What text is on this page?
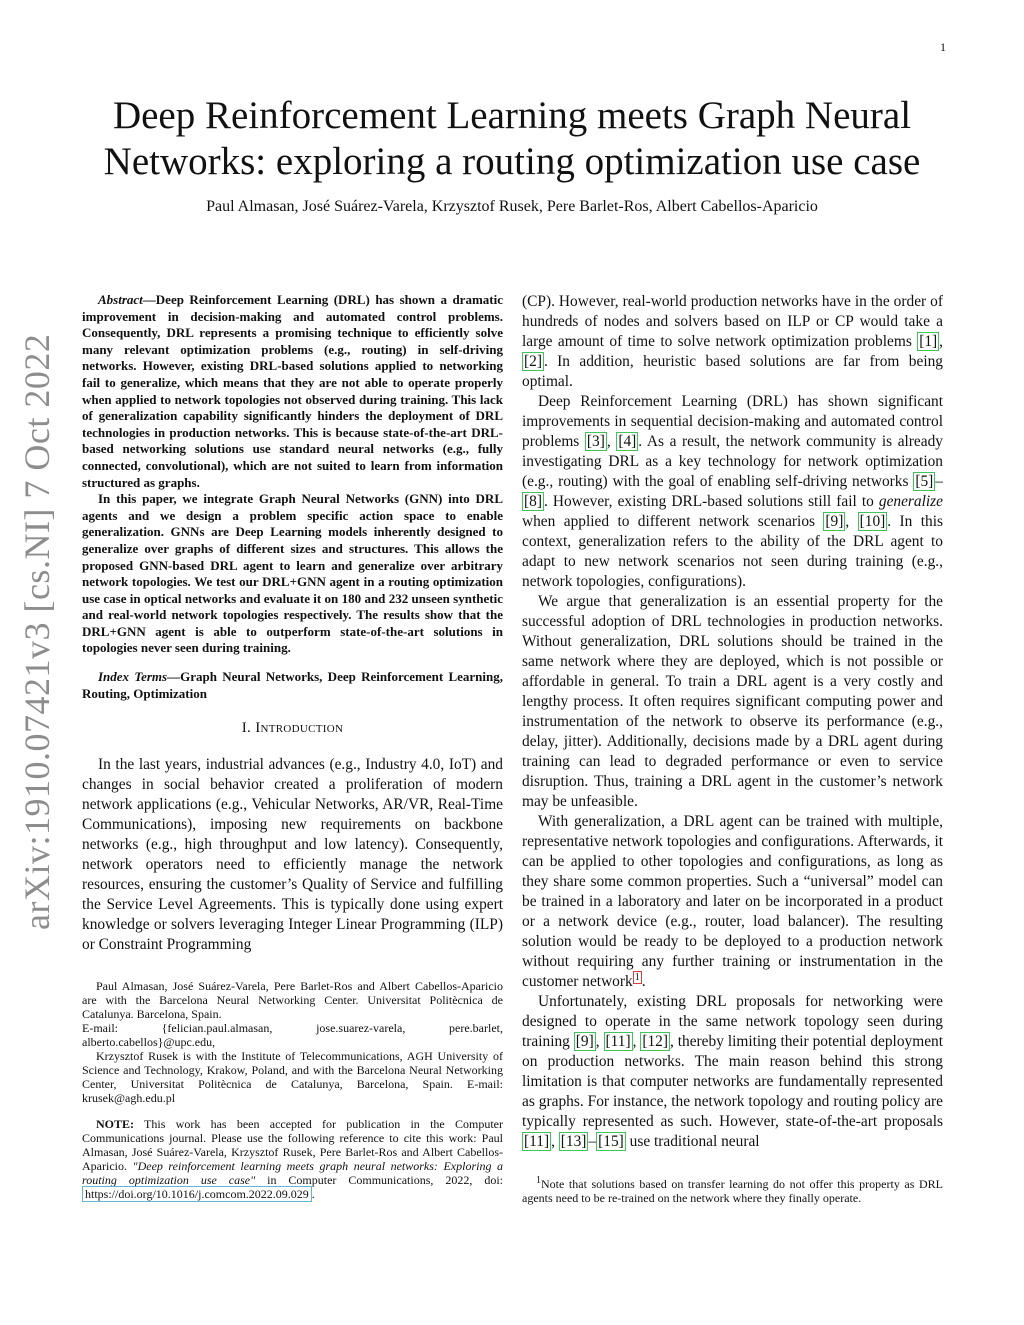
1
arXiv:1910.07421v3 [cs.NI] 7 Oct 2022
Deep Reinforcement Learning meets Graph Neural
Networks: exploring a routing optimization use case
Paul Almasan, José Suárez-Varela, Krzysztof Rusek, Pere Barlet-Ros, Albert Cabellos-Aparicio

Abstract—Deep Reinforcement Learning (DRL) has shown a dramatic improvement in decision-making and automated control problems. Consequently, DRL represents a promising technique to efficiently solve many relevant optimization problems (e.g., routing) in self-driving networks. However, existing DRL-based solutions applied to networking fail to generalize, which means that they are not able to operate properly when applied to network topologies not observed during training. This lack of generalization capability significantly hinders the deployment of DRL technologies in production networks. This is because state-of-the-art DRL-based networking solutions use standard neural networks (e.g., fully connected, convolutional), which are not suited to learn from information structured as graphs.

In this paper, we integrate Graph Neural Networks (GNN) into DRL agents and we design a problem specific action space to enable generalization. GNNs are Deep Learning models inherently designed to generalize over graphs of different sizes and structures. This allows the proposed GNN-based DRL agent to learn and generalize over arbitrary network topologies. We test our DRL+GNN agent in a routing optimization use case in optical networks and evaluate it on 180 and 232 unseen synthetic and real-world network topologies respectively. The results show that the DRL+GNN agent is able to outperform state-of-the-art solutions in topologies never seen during training.

Index Terms—Graph Neural Networks, Deep Reinforcement Learning, Routing, Optimization

I. Introduction

In the last years, industrial advances (e.g., Industry 4.0, IoT) and changes in social behavior created a proliferation of modern network applications (e.g., Vehicular Networks, AR/VR, Real-Time Communications), imposing new requirements on backbone networks (e.g., high throughput and low latency). Consequently, network operators need to efficiently manage the network resources, ensuring the customer’s Quality of Service and fulfilling the Service Level Agreements. This is typically done using expert knowledge or solvers leveraging Integer Linear Programming (ILP) or Constraint Programming

Paul Almasan, José Suárez-Varela, Pere Barlet-Ros and Albert Cabellos-Aparicio are with the Barcelona Neural Networking Center. Universitat Politècnica de Catalunya. Barcelona, Spain.

E-mail: {felician.paul.almasan, jose.suarez-varela, pere.barlet, alberto.cabellos}@upc.edu,

Krzysztof Rusek is with the Institute of Telecommunications, AGH University of Science and Technology, Krakow, Poland, and with the Barcelona Neural Networking Center, Universitat Politècnica de Catalunya, Barcelona, Spain. E-mail: krusek@agh.edu.pl

NOTE: This work has been accepted for publication in the Computer Communications journal. Please use the following reference to cite this work: Paul Almasan, José Suárez-Varela, Krzysztof Rusek, Pere Barlet-Ros and Albert Cabellos-Aparicio. "Deep reinforcement learning meets graph neural networks: Exploring a routing optimization use case" in Computer Communications, 2022, doi: https://doi.org/10.1016/j.comcom.2022.09.029 .

(CP). However, real-world production networks have in the order of hundreds of nodes and solvers based on ILP or CP would take a large amount of time to solve network optimization problems [1] , [2] . In addition, heuristic based solutions are far from being optimal.

Deep Reinforcement Learning (DRL) has shown significant improvements in sequential decision-making and automated control problems [3] , [4] . As a result, the network community is already investigating DRL as a key technology for network optimization (e.g., routing) with the goal of enabling self-driving networks [5] –[8] . However, existing DRL-based solutions still fail to generalize when applied to different network scenarios [9] , [10] . In this context, generalization refers to the ability of the DRL agent to adapt to new network scenarios not seen during training (e.g., network topologies, configurations).

We argue that generalization is an essential property for the successful adoption of DRL technologies in production networks. Without generalization, DRL solutions should be trained in the same network where they are deployed, which is not possible or affordable in general. To train a DRL agent is a very costly and lengthy process. It often requires significant computing power and instrumentation of the network to observe its performance (e.g., delay, jitter). Additionally, decisions made by a DRL agent during training can lead to degraded performance or even to service disruption. Thus, training a DRL agent in the customer’s network may be unfeasible.

With generalization, a DRL agent can be trained with multiple, representative network topologies and configurations. Afterwards, it can be applied to other topologies and configurations, as long as they share some common properties. Such a “universal” model can be trained in a laboratory and later on be incorporated in a product or a network device (e.g., router, load balancer). The resulting solution would be ready to be deployed to a production network without requiring any further training or instrumentation in the customer network $^1$ .

Unfortunately, existing DRL proposals for networking were designed to operate in the same network topology seen during training [9] , [11] , [12] , thereby limiting their potential deployment on production networks. The main reason behind this strong limitation is that computer networks are fundamentally represented as graphs. For instance, the network topology and routing policy are typically represented as such. However, state-of-the-art proposals [11] , [13] – [15] use traditional neural

$^1$Note that solutions based on transfer learning do not offer this property as DRL agents need to be re-trained on the network where they finally operate.
